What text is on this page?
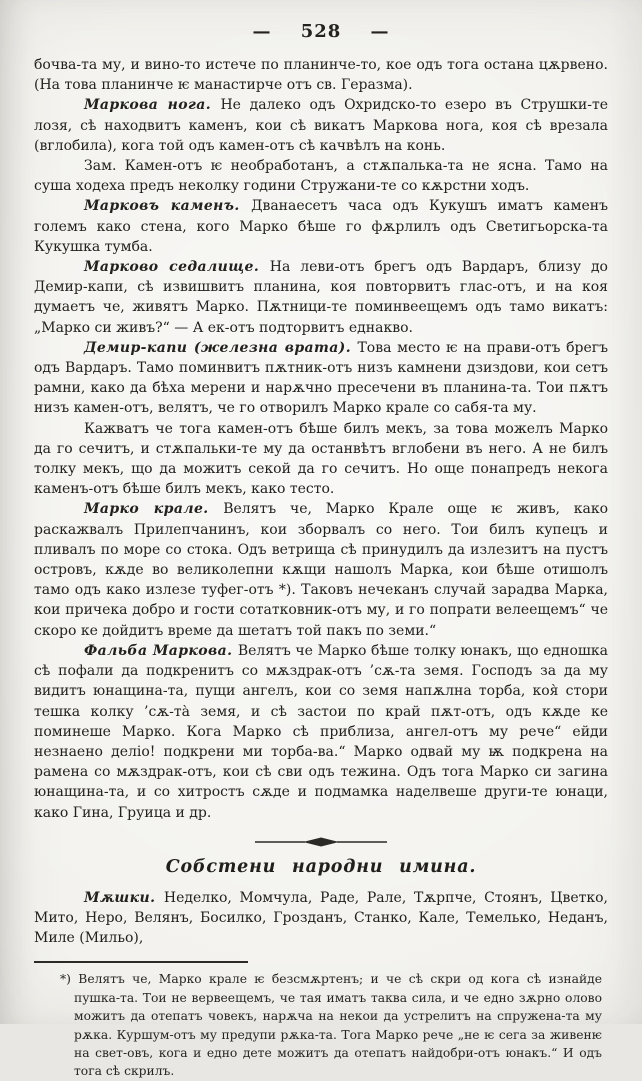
— 528 —

бочва-та му, и вино-то истече по планинче-то, кое одъ тога остана цѫрвено. (На това планинче ѥ манастирче отъ св. Геразма).

Маркова нога. Не далеко одъ Охридско-то езеро въ Струшки-те лозя, сѣ находвитъ каменъ, кои сѣ викатъ Маркова нога, коя сѣ врезала (вглобила), кога той одъ камен-отъ сѣ качвѣлъ на конь.

Зам. Камен-отъ ѥ необработанъ, а стѫпалька-та не ясна. Тамо на суша ходеха предъ неколку години Стружани-те со кѫрстни ходъ.

Марковъ каменъ. Дванаесетъ часа одъ Кукушъ иматъ каменъ големъ како стена, кого Марко бѣше го фѫрлилъ одъ Светигьорска-та Кукушка тумба.

Марково седалище. На леви-отъ брегъ одъ Вардаръ, близу до Демир-капи, сѣ извишвитъ планина, коя повторвитъ глас-отъ, и на коя думаетъ че, живятъ Марко. Пѫтници-те поминвеещемъ одъ тамо викатъ: „Марко си живъ?“ — А ек-отъ подторвитъ еднакво.

Демир-капи (железна врата). Това место ѥ на прави-отъ брегъ одъ Вардаръ. Тамо поминвитъ пѫтник-отъ низъ камнени дзиздови, кои сетъ рамни, како да бѣха мерени и нарѫчно пресечени въ планина-та. Тои пѫтъ низъ камен-отъ, велятъ, че го отворилъ Марко крале со сабя-та му.

Кажватъ че тога камен-отъ бѣше билъ мекъ, за това можелъ Марко да го сечитъ, и стѫпальки-те му да останвѣтъ вглобени въ него. А не билъ толку мекъ, що да можитъ секой да го сечитъ. Но още понапредъ некога каменъ-отъ бѣше билъ мекъ, како тесто.

Марко крале. Велятъ че, Марко Крале още ѥ живъ, како раскажвалъ Прилепчанинъ, кои зборвалъ со него. Тои билъ купецъ и пливалъ по море со стока. Одъ ветрища сѣ принудилъ да излезитъ на пустъ островъ, кѫде во великолепни кѫщи нашолъ Марка, кои бѣше отишолъ тамо одъ како излезе туфег-отъ *). Таковъ нечеканъ случай зарадва Марка, кои причека добро и гости сотатковник-отъ му, и го попрати велеещемъ“ че скоро ке дойдитъ време да шетатъ той пакъ по земи.“

Фальба Маркова. Велятъ че Марко бѣше толку юнакъ, що едношка сѣ пофали да подкренитъ со мѫздрак-отъ ’сѫ-та земя. Господъ за да му видитъ юнащина-та, пущи ангелъ, кои со земя напѫлна торба, коя̀ стори тешка колку ’сѫ-та̀ земя, и сѣ застои по край пѫт-отъ, одъ кѫде ке поминеше Марко. Кога Марко сѣ приблиза, ангел-отъ му рече“ ейди незнаено деліо! подкрени ми торба-ва.“ Марко одвай му ѭ подкрена на рамена со мѫздрак-отъ, кои сѣ сви одъ тежина. Одъ тога Марко си загина юнащина-та, и со хитростъ сѫде и подмамка наделвеше други-те юнаци, како Гина, Груица и др.

Собстени народни имина.

Мѫшки. Неделко, Момчула, Раде, Рале, Тѫрпче, Стоянъ, Цветко, Мито, Неро, Велянъ, Босилко, Грозданъ, Станко, Кале, Темелько, Неданъ, Миле (Мильо),

*) Велятъ че, Марко крале ѥ безсмѫртенъ; и че сѣ скри од кога сѣ изнайде пушка-та. Тои не вервеещемъ, че тая иматъ таква сила, и че едно зѫрно олово можитъ да отепатъ човекъ, нарѫча на некои да устрелитъ на спружена-та му рѫка. Куршум-отъ му предупи рѫка-та. Тога Марко рече „не ѥ сега за живенѥ на свет-овъ, кога и едно дете можитъ да отепатъ найдобри-отъ юнакъ.“ И одъ тога сѣ скрилъ.
